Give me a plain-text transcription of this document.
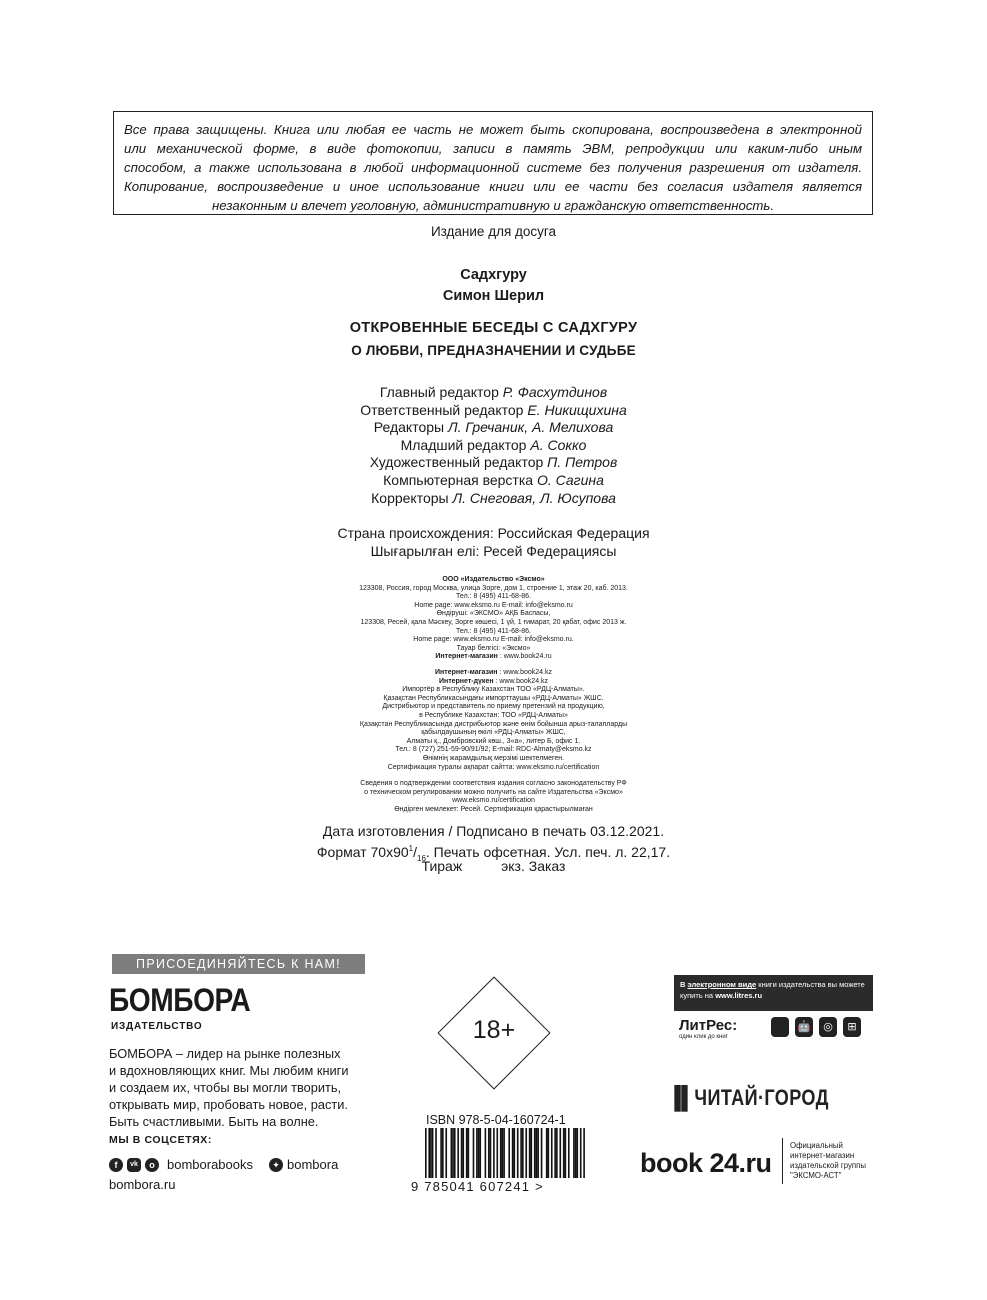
Все права защищены. Книга или любая ее часть не может быть скопирована, воспроизведена в электронной
или механической форме, в виде фотокопии, записи в память ЭВМ, репродукции или каким-либо иным
способом, а также использована в любой информационной системе без получения разрешения от издателя.
Копирование, воспроизведение и иное использование книги или ее части без согласия издателя является
незаконным и влечет уголовную, административную и гражданскую ответственность.
Издание для досуга
Садхгуру
Симон Шерил
ОТКРОВЕННЫЕ БЕСЕДЫ С САДХГУРУ
О ЛЮБВИ, ПРЕДНАЗНАЧЕНИИ И СУДЬБЕ
Главный редактор Р. Фасхутдинов
Ответственный редактор Е. Никищихина
Редакторы Л. Гречаник, А. Мелихова
Младший редактор А. Сокко
Художественный редактор П. Петров
Компьютерная верстка О. Сагина
Корректоры Л. Снеговая, Л. Юсупова
Страна происхождения: Российская Федерация
Шығарылған елі: Ресей Федерациясы
ООО «Издательство «Эксмо»
123308, Россия, город Москва, улица Зорге, дом 1, строение 1, этаж 20, каб. 2013.
Тел.: 8 (495) 411-68-86.
Home page: www.eksmo.ru E-mail: info@eksmo.ru
Өндіруші: «ЭКСМО» АҚБ Баспасы,
123308, Ресей, қала Мәскеу, Зорге көшесі, 1 үй, 1 ғимарат, 20 қабат, офис 2013 ж.
Тел.: 8 (495) 411-68-86.
Home page: www.eksmo.ru E-mail: info@eksmo.ru.
Тауар белгісі: «Эксмо»
Интернет-магазин : www.book24.ru
Интернет-магазин : www.book24.kz
Интернет-дүкен : www.book24.kz
Импортёр в Республику Казахстан ТОО «РДЦ-Алматы».
Қазақстан Республикасындағы импорттаушы «РДЦ-Алматы» ЖШС.
Дистрибьютор и представитель по приему претензий на продукцию,
в Республике Казахстан: ТОО «РДЦ-Алматы»
Қазақстан Республикасында дистрибьютор және өнім бойынша арыз-талапларды
қабылдаушының өкілі «РДЦ-Алматы» ЖШС,
Алматы қ., Домбровский көш., 3«а», литер Б, офис 1.
Тел.: 8 (727) 251-59-90/91/92; E-mail: RDC-Almaty@eksmo.kz
Өнімнің жарамдылық мерзімі шектелмеген.
Сертификация туралы ақпарат сайтта: www.eksmo.ru/certification
Сведения о подтверждении соответствия издания согласно законодательству РФ
о техническом регулировании можно получить на сайте Издательства «Эксмо»
www.eksmo.ru/certification
Өндірген мемлекет: Ресей. Сертификация қарастырылмаған
Дата изготовления / Подписано в печать 03.12.2021.
Формат $70х90^1/_{16}$. Печать офсетная. Усл. печ. л. 22,17.
Тираж	экз. Заказ
ПРИСОЕДИНЯЙТЕСЬ К НАМ!
БОМБОРА
ИЗДАТЕЛЬСТВО
БОМБОРА – лидер на рынке полезных
и вдохновляющих книг. Мы любим книги
и создаем их, чтобы вы могли творить,
открывать мир, пробовать новое, расти.
Быть счастливыми. Быть на волне.
МЫ В СОЦСЕТЯХ:
f	vk	o bomborabooks	✦ bombora
bombora.ru
18+
ISBN 978-5-04-160724-1
9 785041 607241 >
В электронном виде книги издательства вы можете
купить на www.litres.ru
ЛитРес:
один клик до книг
🤖	◎	⊞
▐▌ЧИТАЙ·ГОРОД
book 24.ru
Официальный
интернет-магазин
издательской группы
"ЭКСМО-АСТ"
